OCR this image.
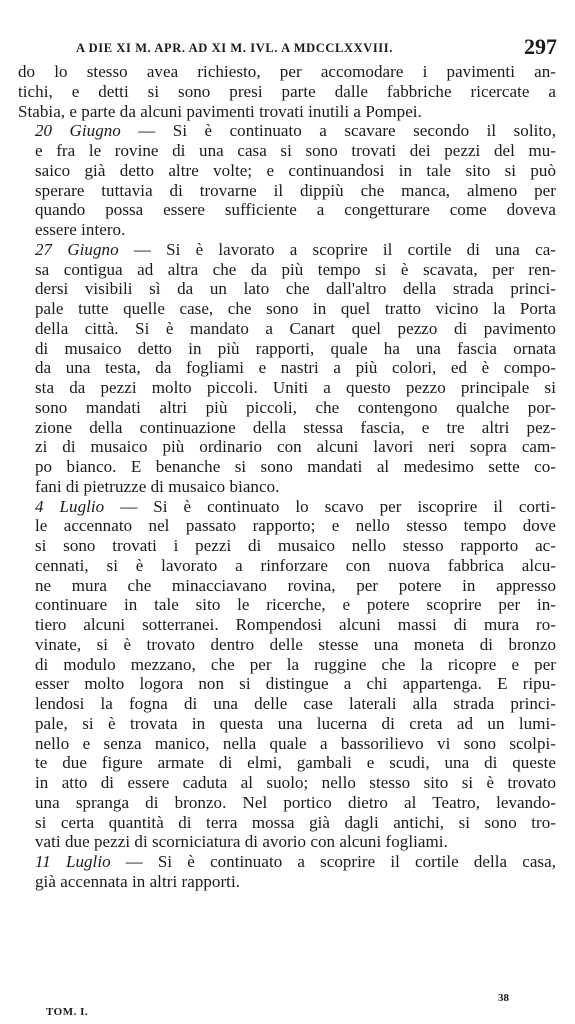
A DIE XI M. APR. AD XI M. IVL. A MDCCLXXVIII.	297
do lo stesso avea richiesto, per accomodare i pavimenti an-
tichi, e detti si sono presi parte dalle fabbriche ricercate a
Stabia, e parte da alcuni pavimenti trovati inutili a Pompei.
20 Giugno — Si è continuato a scavare secondo il solito,
e fra le rovine di una casa si sono trovati dei pezzi del mu-
saico già detto altre volte; e continuandosi in tale sito si può
sperare tuttavia di trovarne il dippiù che manca, almeno per
quando possa essere sufficiente a congetturare come doveva
essere intero.
27 Giugno — Si è lavorato a scoprire il cortile di una ca-
sa contigua ad altra che da più tempo si è scavata, per ren-
dersi visibili sì da un lato che dall'altro della strada princi-
pale tutte quelle case, che sono in quel tratto vicino la Porta
della città. Si è mandato a Canart quel pezzo di pavimento
di musaico detto in più rapporti, quale ha una fascia ornata
da una testa, da fogliami e nastri a più colori, ed è compo-
sta da pezzi molto piccoli. Uniti a questo pezzo principale si
sono mandati altri più piccoli, che contengono qualche por-
zione della continuazione della stessa fascia, e tre altri pez-
zi di musaico più ordinario con alcuni lavori neri sopra cam-
po bianco. E benanche si sono mandati al medesimo sette co-
fani di pietruzze di musaico bianco.
4 Luglio — Si è continuato lo scavo per iscoprire il corti-
le accennato nel passato rapporto; e nello stesso tempo dove
si sono trovati i pezzi di musaico nello stesso rapporto ac-
cennati, si è lavorato a rinforzare con nuova fabbrica alcu-
ne mura che minacciavano rovina, per potere in appresso
continuare in tale sito le ricerche, e potere scoprire per in-
tiero alcuni sotterranei. Rompendosi alcuni massi di mura ro-
vinate, si è trovato dentro delle stesse una moneta di bronzo
di modulo mezzano, che per la ruggine che la ricopre e per
esser molto logora non si distingue a chi appartenga. E ripu-
lendosi la fogna di una delle case laterali alla strada princi-
pale, si è trovata in questa una lucerna di creta ad un lumi-
nello e senza manico, nella quale a bassorilievo vi sono scolpi-
te due figure armate di elmi, gambali e scudi, una di queste
in atto di essere caduta al suolo; nello stesso sito si è trovato
una spranga di bronzo. Nel portico dietro al Teatro, levando-
si certa quantità di terra mossa già dagli antichi, si sono tro-
vati due pezzi di scorniciatura di avorio con alcuni fogliami.
11 Luglio — Si è continuato a scoprire il cortile della casa,
già accennata in altri rapporti.
TOM. I.
38
